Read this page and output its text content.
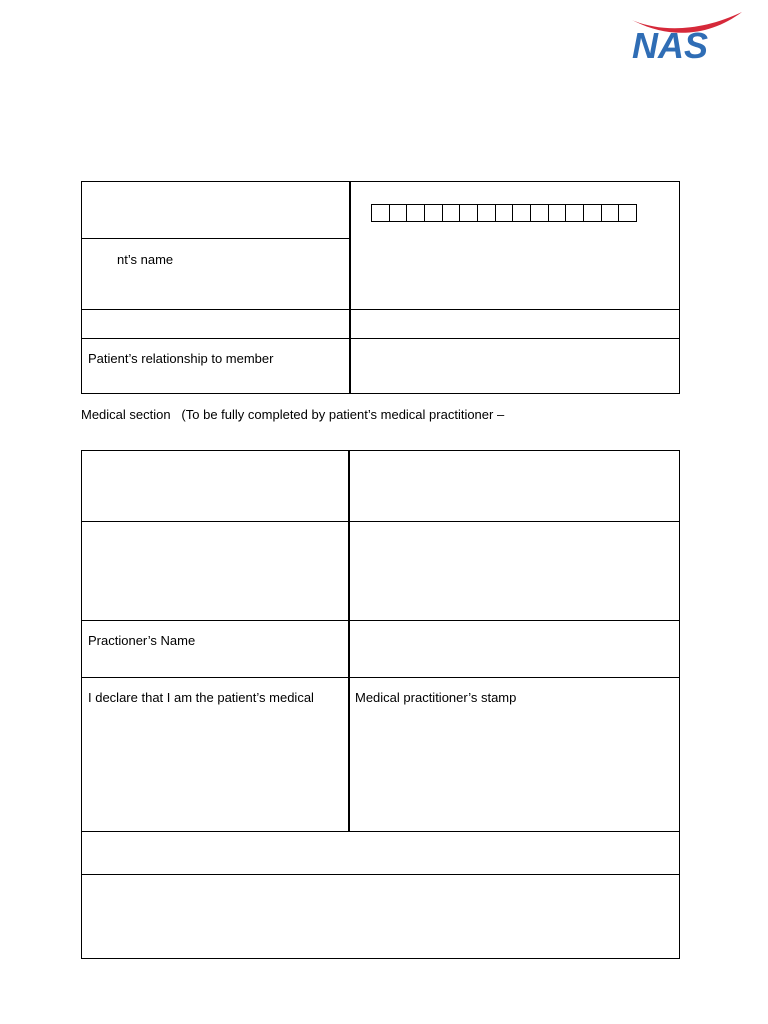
NAS
nt’s name
Patient’s relationship to member
Medical section   (To be fully completed by patient’s medical practitioner –
Practioner’s Name
I declare that I am the patient’s medical	Medical practitioner’s stamp
